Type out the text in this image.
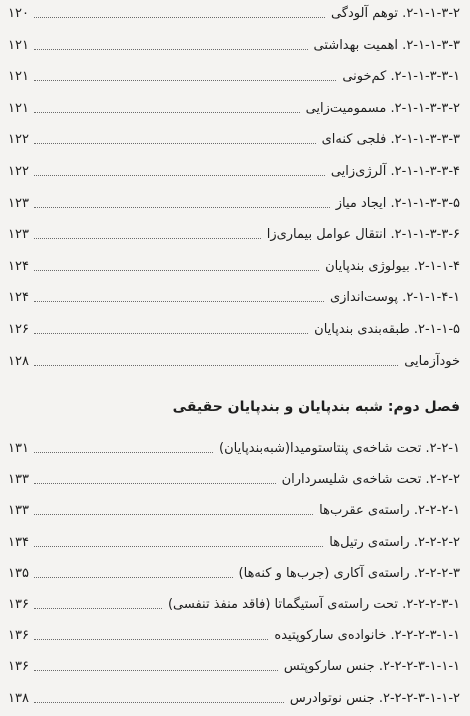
۲-۱-۱-۳-۲. توهم آلودگی
۱۲۰
۲-۱-۱-۳-۳. اهمیت بهداشتی
۱۲۱
۲-۱-۱-۳-۳-۱. کم‌خونی
۱۲۱
۲-۱-۱-۳-۳-۲. مسمومیت‌زایی
۱۲۱
۲-۱-۱-۳-۳-۳. فلجی کنه‌ای
۱۲۲
۲-۱-۱-۳-۳-۴. آلرژی‌زایی
۱۲۲
۲-۱-۱-۳-۳-۵. ایجاد میاز
۱۲۳
۲-۱-۱-۳-۳-۶. انتقال عوامل بیماری‌زا
۱۲۳
۲-۱-۱-۴. بیولوژی بندپایان
۱۲۴
۲-۱-۱-۴-۱. پوست‌اندازی
۱۲۴
۲-۱-۱-۵. طبقه‌بندی بندپایان
۱۲۶
خودآزمایی
۱۲۸
۲-۲-۱. تحت شاخه‌ی پنتاستومیدا(شبه‌بندپایان)
۱۳۱
۲-۲-۲. تحت شاخه‌ی شلیسرداران
۱۳۳
۲-۲-۲-۱. راسته‌ی عقرب‌ها
۱۳۳
۲-۲-۲-۲. راسته‌ی رتیل‌ها
۱۳۴
۲-۲-۲-۳. راسته‌ی آکاری (جرب‌ها و کنه‌ها)
۱۳۵
۲-۲-۲-۳-۱. تحت راسته‌ی آستیگماتا (فاقد منفذ تنفسی)
۱۳۶
۲-۲-۲-۳-۱-۱. خانواده‌ی سارکوپتیده
۱۳۶
۲-۲-۲-۳-۱-۱-۱. جنس سارکوپتس
۱۳۶
۲-۲-۲-۳-۱-۱-۲. جنس نوتوادرس
۱۳۸
فصل دوم: شبه بندپایان و بندپایان حقیقی
